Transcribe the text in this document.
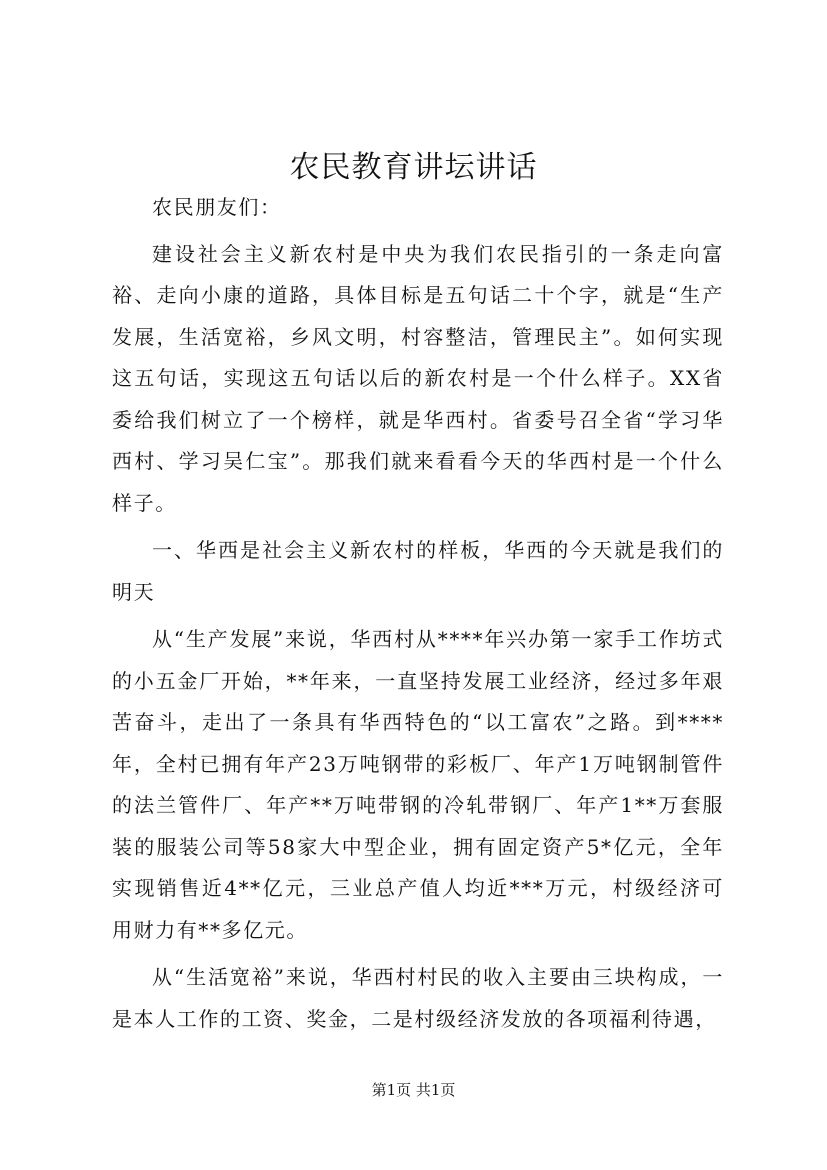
农民教育讲坛讲话

农民朋友们：

建设社会主义新农村是中央为我们农民指引的一条走向富裕、走向小康的道路，具体目标是五句话二十个字，就是“生产发展，生活宽裕，乡风文明，村容整洁，管理民主”。如何实现这五句话，实现这五句话以后的新农村是一个什么样子。XX省委给我们树立了一个榜样，就是华西村。省委号召全省“学习华西村、学习吴仁宝”。那我们就来看看今天的华西村是一个什么样子。

一、华西是社会主义新农村的样板，华西的今天就是我们的明天

从“生产发展”来说，华西村从****年兴办第一家手工作坊式的小五金厂开始，**年来，一直坚持发展工业经济，经过多年艰苦奋斗，走出了一条具有华西特色的“以工富农”之路。到****年，全村已拥有年产23万吨钢带的彩板厂、年产1万吨钢制管件的法兰管件厂、年产**万吨带钢的冷轧带钢厂、年产1**万套服装的服装公司等58家大中型企业，拥有固定资产5*亿元，全年实现销售近4**亿元，三业总产值人均近***万元，村级经济可用财力有**多亿元。

从“生活宽裕”来说，华西村村民的收入主要由三块构成，一是本人工作的工资、奖金，二是村级经济发放的各项福利待遇，

第1页 共1页
